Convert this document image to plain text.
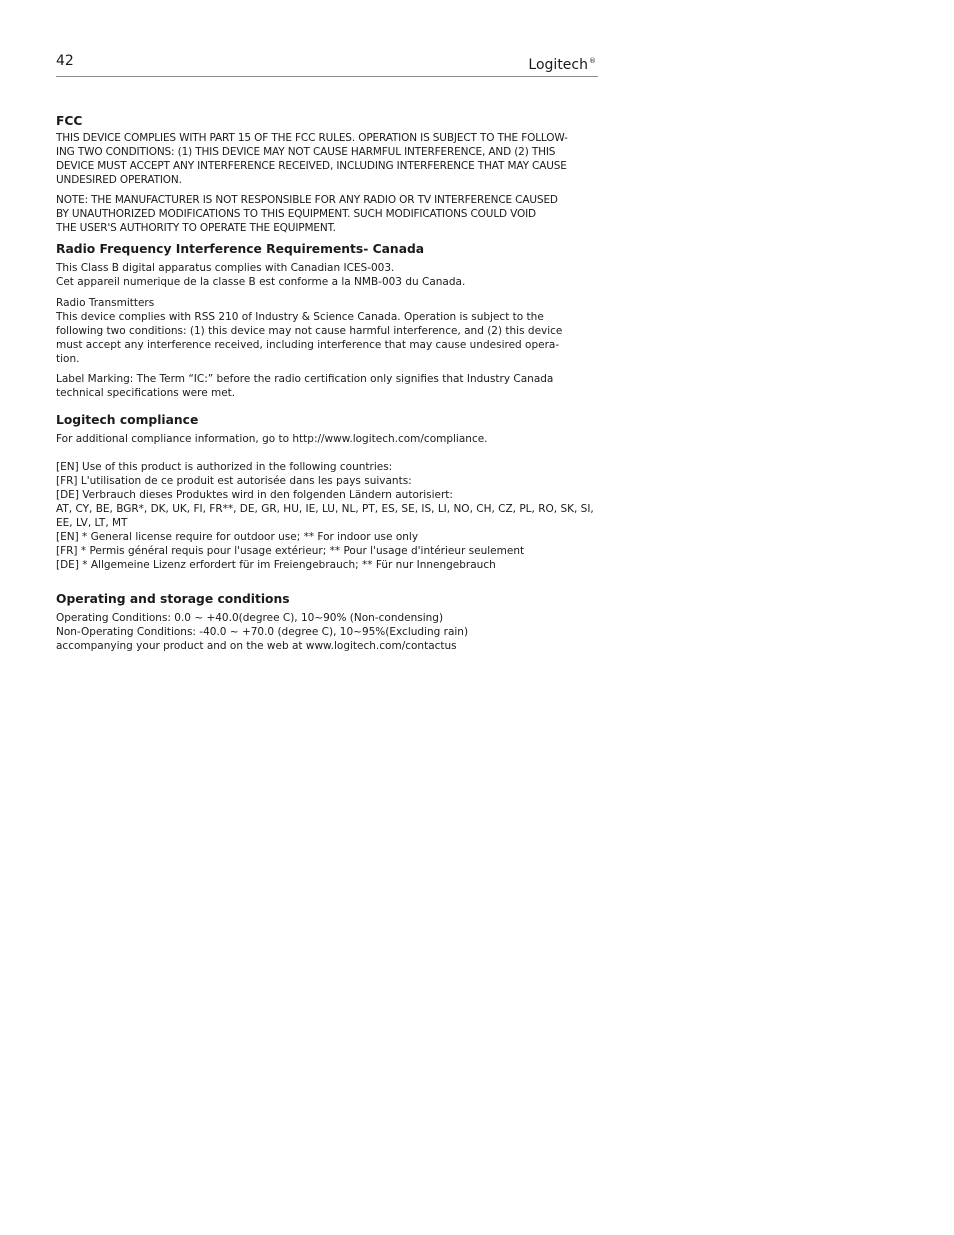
42	Logitech®
FCC

THIS DEVICE COMPLIES WITH PART 15 OF THE FCC RULES. OPERATION IS SUBJECT TO THE FOLLOW-
ING TWO CONDITIONS: (1) THIS DEVICE MAY NOT CAUSE HARMFUL INTERFERENCE, AND (2) THIS
DEVICE MUST ACCEPT ANY INTERFERENCE RECEIVED, INCLUDING INTERFERENCE THAT MAY CAUSE
UNDESIRED OPERATION.

NOTE: THE MANUFACTURER IS NOT RESPONSIBLE FOR ANY RADIO OR TV INTERFERENCE CAUSED
BY UNAUTHORIZED MODIFICATIONS TO THIS EQUIPMENT. SUCH MODIFICATIONS COULD VOID
THE USER'S AUTHORITY TO OPERATE THE EQUIPMENT.

Radio Frequency Interference Requirements- Canada

This Class B digital apparatus complies with Canadian ICES-003.
Cet appareil numerique de la classe B est conforme a la NMB-003 du Canada.

Radio Transmitters
This device complies with RSS 210 of Industry & Science Canada. Operation is subject to the
following two conditions: (1) this device may not cause harmful interference, and (2) this device
must accept any interference received, including interference that may cause undesired opera-
tion.

Label Marking: The Term “IC:” before the radio certification only signifies that Industry Canada
technical specifications were met.

Logitech compliance

For additional compliance information, go to http://www.logitech.com/compliance.

[EN] Use of this product is authorized in the following countries:
[FR] L'utilisation de ce produit est autorisée dans les pays suivants:
[DE] Verbrauch dieses Produktes wird in den folgenden Ländern autorisiert:
AT, CY, BE, BGR*, DK, UK, FI, FR**, DE, GR, HU, IE, LU, NL, PT, ES, SE, IS, LI, NO, CH, CZ, PL, RO, SK, SI,
EE, LV, LT, MT
[EN] * General license require for outdoor use; ** For indoor use only
[FR] * Permis général requis pour l'usage extérieur; ** Pour l'usage d'intérieur seulement
[DE] * Allgemeine Lizenz erfordert für im Freiengebrauch; ** Für nur Innengebrauch

Operating and storage conditions

Operating Conditions: 0.0 ~ +40.0(degree C), 10~90% (Non-condensing)
Non-Operating Conditions: -40.0 ~ +70.0 (degree C), 10~95%(Excluding rain)
accompanying your product and on the web at www.logitech.com/contactus
